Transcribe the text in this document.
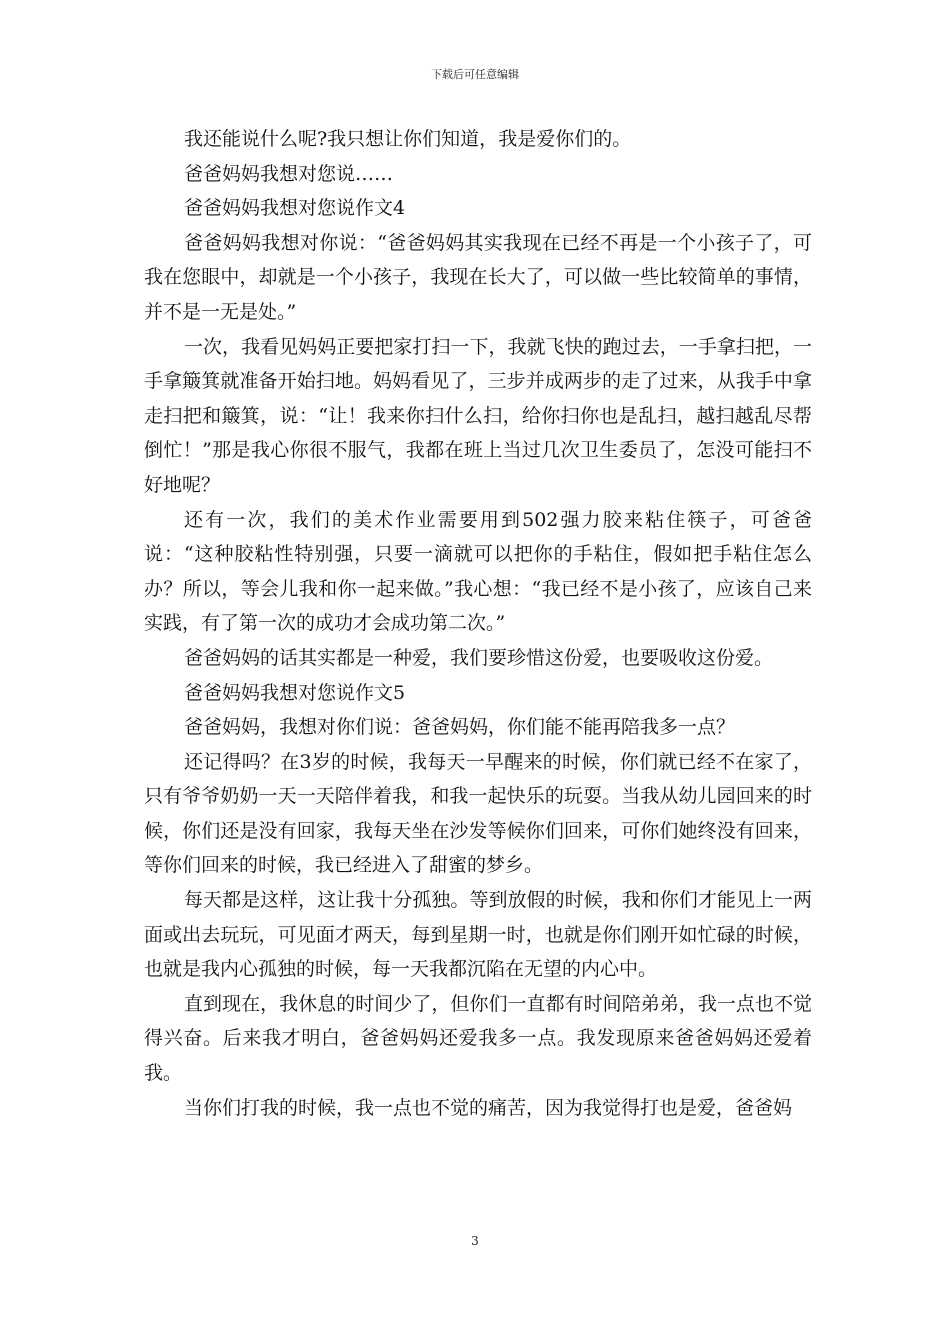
下载后可任意编辑

我还能说什么呢?我只想让你们知道，我是爱你们的。

爸爸妈妈我想对您说……

爸爸妈妈我想对您说作文4

爸爸妈妈我想对你说：“爸爸妈妈其实我现在已经不再是一个小孩子了，可我在您眼中，却就是一个小孩子，我现在长大了，可以做一些比较简单的事情，并不是一无是处。”

一次，我看见妈妈正要把家打扫一下，我就飞快的跑过去，一手拿扫把，一手拿簸箕就准备开始扫地。妈妈看见了，三步并成两步的走了过来，从我手中拿走扫把和簸箕，说：“让！我来你扫什么扫，给你扫你也是乱扫，越扫越乱尽帮倒忙！”那是我心你很不服气，我都在班上当过几次卫生委员了，怎没可能扫不好地呢？

还有一次，我们的美术作业需要用到502强力胶来粘住筷子，可爸爸说：“这种胶粘性特别强，只要一滴就可以把你的手粘住，假如把手粘住怎么办？所以，等会儿我和你一起来做。”我心想：“我已经不是小孩了，应该自己来实践，有了第一次的成功才会成功第二次。”

爸爸妈妈的话其实都是一种爱，我们要珍惜这份爱，也要吸收这份爱。

爸爸妈妈我想对您说作文5

爸爸妈妈，我想对你们说：爸爸妈妈，你们能不能再陪我多一点？

还记得吗？在3岁的时候，我每天一早醒来的时候，你们就已经不在家了，只有爷爷奶奶一天一天陪伴着我，和我一起快乐的玩耍。当我从幼儿园回来的时候，你们还是没有回家，我每天坐在沙发等候你们回来，可你们她终没有回来，等你们回来的时候，我已经进入了甜蜜的梦乡。

每天都是这样，这让我十分孤独。等到放假的时候，我和你们才能见上一两面或出去玩玩，可见面才两天，每到星期一时，也就是你们刚开如忙碌的时候，也就是我内心孤独的时候，每一天我都沉陷在无望的内心中。

直到现在，我休息的时间少了，但你们一直都有时间陪弟弟，我一点也不觉得兴奋。后来我才明白，爸爸妈妈还爱我多一点。我发现原来爸爸妈妈还爱着我。

当你们打我的时候，我一点也不觉的痛苦，因为我觉得打也是爱，爸爸妈

3
